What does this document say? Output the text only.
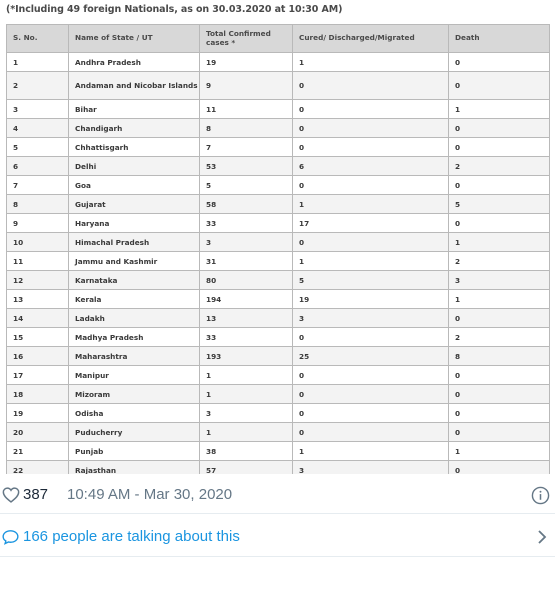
(*Including 49 foreign Nationals, as on 30.03.2020 at 10:30 AM)
S. No.	Name of State / UT	Total Confirmed cases *	Cured/ Discharged/Migrated	Death
1	Andhra Pradesh	19	1	0
2	Andaman and Nicobar Islands	9	0	0
3	Bihar	11	0	1
4	Chandigarh	8	0	0
5	Chhattisgarh	7	0	0
6	Delhi	53	6	2
7	Goa	5	0	0
8	Gujarat	58	1	5
9	Haryana	33	17	0
10	Himachal Pradesh	3	0	1
11	Jammu and Kashmir	31	1	2
12	Karnataka	80	5	3
13	Kerala	194	19	1
14	Ladakh	13	3	0
15	Madhya Pradesh	33	0	2
16	Maharashtra	193	25	8
17	Manipur	1	0	0
18	Mizoram	1	0	0
19	Odisha	3	0	0
20	Puducherry	1	0	0
21	Punjab	38	1	1
22	Rajasthan	57	3	0
387 10:49 AM - Mar 30, 2020
166 people are talking about this
